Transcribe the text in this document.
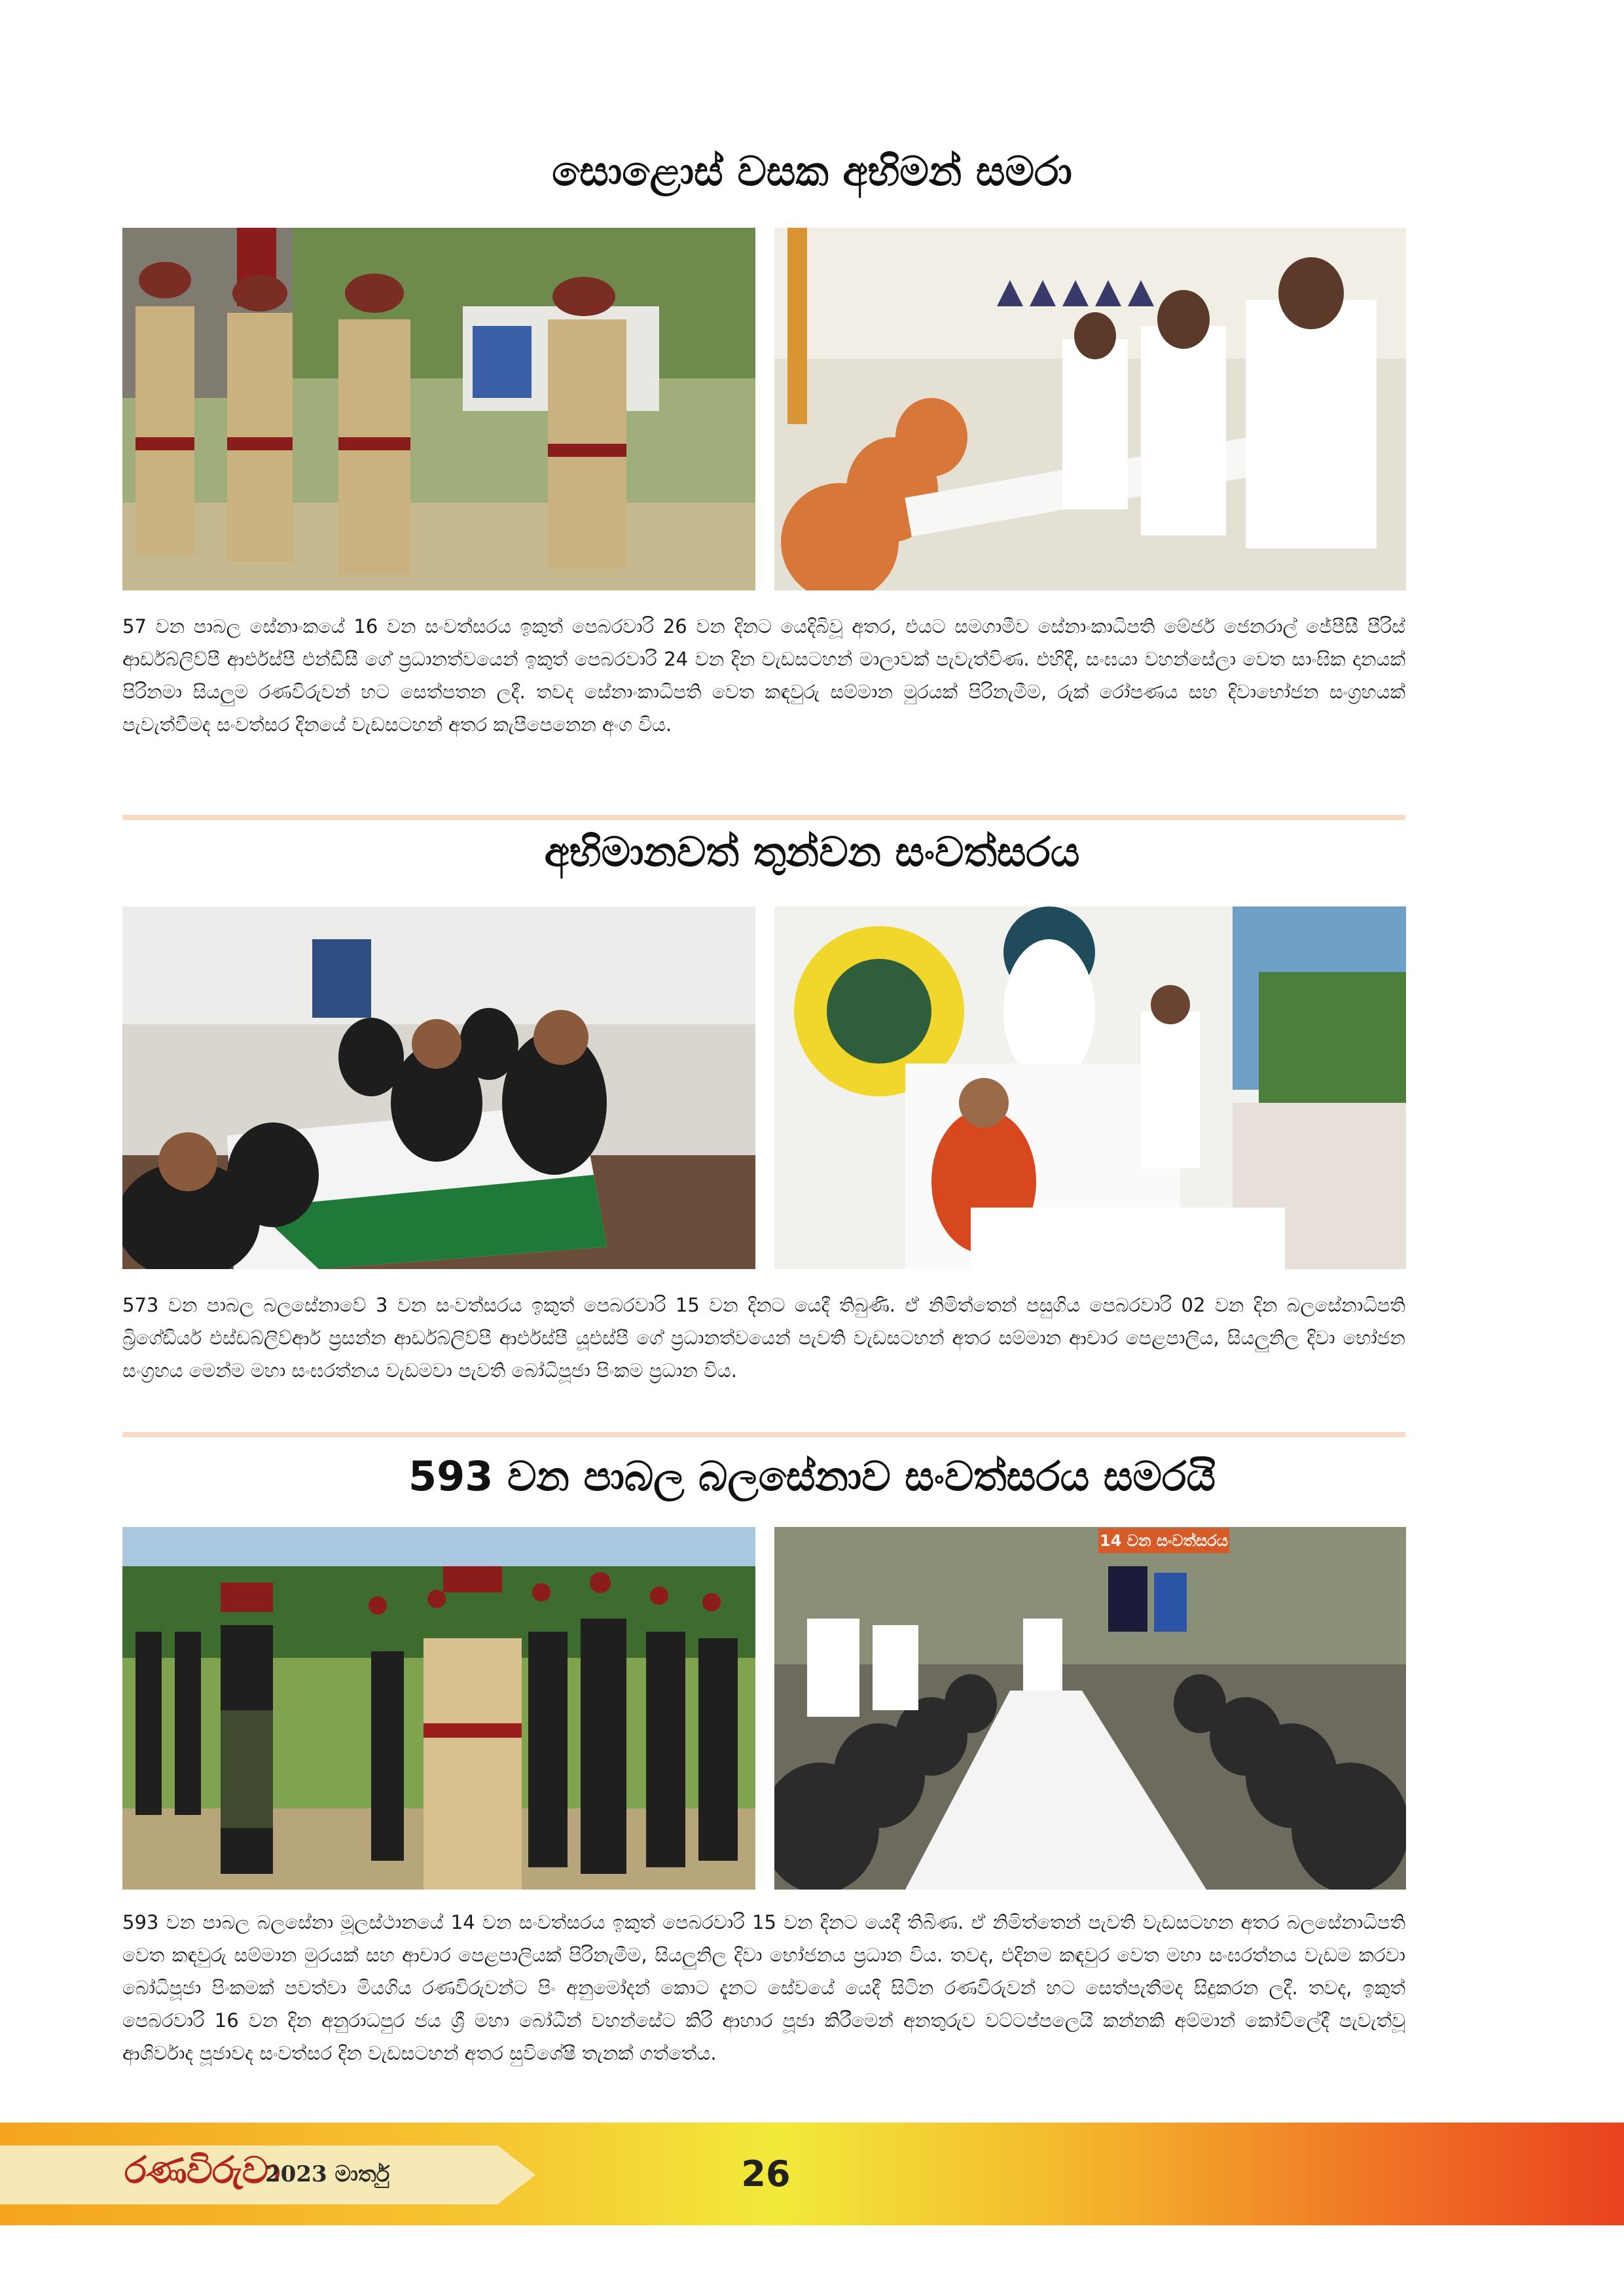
සොළොස් වසක අභිමන් සමරා

57 වන පාබල සේනාංකයේ 16 වන සංවත්සරය ඉකුත් පෙබරවාරි 26 වන දිනට යෙදිබිවූ අතර, එයට සමගාමීව සේනාංකාධිපති මේජර් ජෙනරාල් ජේපීසී පීරිස් ආර්ඩබ්ලිව්පී ආර්එස්පී එන්ඩීසී ගේ ප්‍රධානත්වයෙන් ඉකුත් පෙබරවාරි 24 වන දින වැඩසටහන් මාලාවක් පැවැත්විණ. එහිදී, සංඝයා වහන්සේලා වෙත සාංඝික දානයක් පිරිනමා සියලුම රණවිරුවන් හට සෙත්පතන ලදී. තවද සේනාංකාධිපති වෙත කඳවුරු සම්මාන මුරයක් පිරිනැමීම, රුක් රෝපණය සහ දිවාභෝජන සංග්‍රහයක් පැවැත්වීමද සංවත්සර දිනයේ වැඩසටහන් අතර කැපීපෙනෙන අංග විය.

අභිමානවත් තුන්වන සංවත්සරය

573 වන පාබල බලසේනාවේ 3 වන සංවත්සරය ඉකුත් පෙබරවාරි 15 වන දිනට යෙදී තිබුණි. ඒ නිමිත්තෙන් පසුගිය පෙබරවාරි 02 වන දින බලසේනාධිපති බ්‍රිගේඩියර් එස්ඩබ්ලිව්ආර් ප්‍රසන්න ආර්ඩබ්ලිව්පී ආර්එස්පී යූඑස්පී ගේ ප්‍රධානත්වයෙන් පැවති වැඩසටහන් අතර සම්මාන ආචාර පෙළපාලිය, සියලුනිල දිවා භෝජන සංග්‍රහය මෙන්ම මහා සංඝරත්නය වැඩමවා පැවති බෝධිපූජා පිංකම ප්‍රධාන විය.

593 වන පාබල බලසේනාව සංවත්සරය සමරයි
14 වන සංවත්සරය

593 වන පාබල බලසේනා මූලස්ථානයේ 14 වන සංවත්සරය ඉකුත් පෙබරවාරි 15 වන දිනට යෙදී තිබිණ. ඒ නිමිත්තෙන් පැවති වැඩසටහන අතර බලසේනාධිපති වෙත කඳවුරු සම්මාන මුරයක් සහ ආචාර පෙළපාලියක් පිරිනැමීම, සියලුනිල දිවා භෝජනය ප්‍රධාන විය. තවද, එදිනම කඳවුර වෙත මහා සංඝරත්නය වැඩම කරවා බෝධිපූජා පිංකමක් පවත්වා මියගිය රණවිරුවන්ට පිං අනුමෝදන් කොට දැනට සේවයේ යෙදී සිටින රණවිරුවන් හට සෙත්පැතීමද සිදුකරන ලදී. තවද, ඉකුත් පෙබරවාරි 16 වන දින අනුරාධපුර ජය ශ්‍රී මහා බෝධීන් වහන්සේට කිරි ආහාර පූජා කිරීමෙන් අනතුරුව වට්ටප්පලෙයි කන්නකි අම්මාන් කෝවිලේදී පැවැත්වූ ආශිර්වාද පූජාවද සංවත්සර දින වැඩසටහන් අතර සුවිශේෂී තැනක් ගත්තේය.

රණවිරුවා
2023 මාර්තු	26
